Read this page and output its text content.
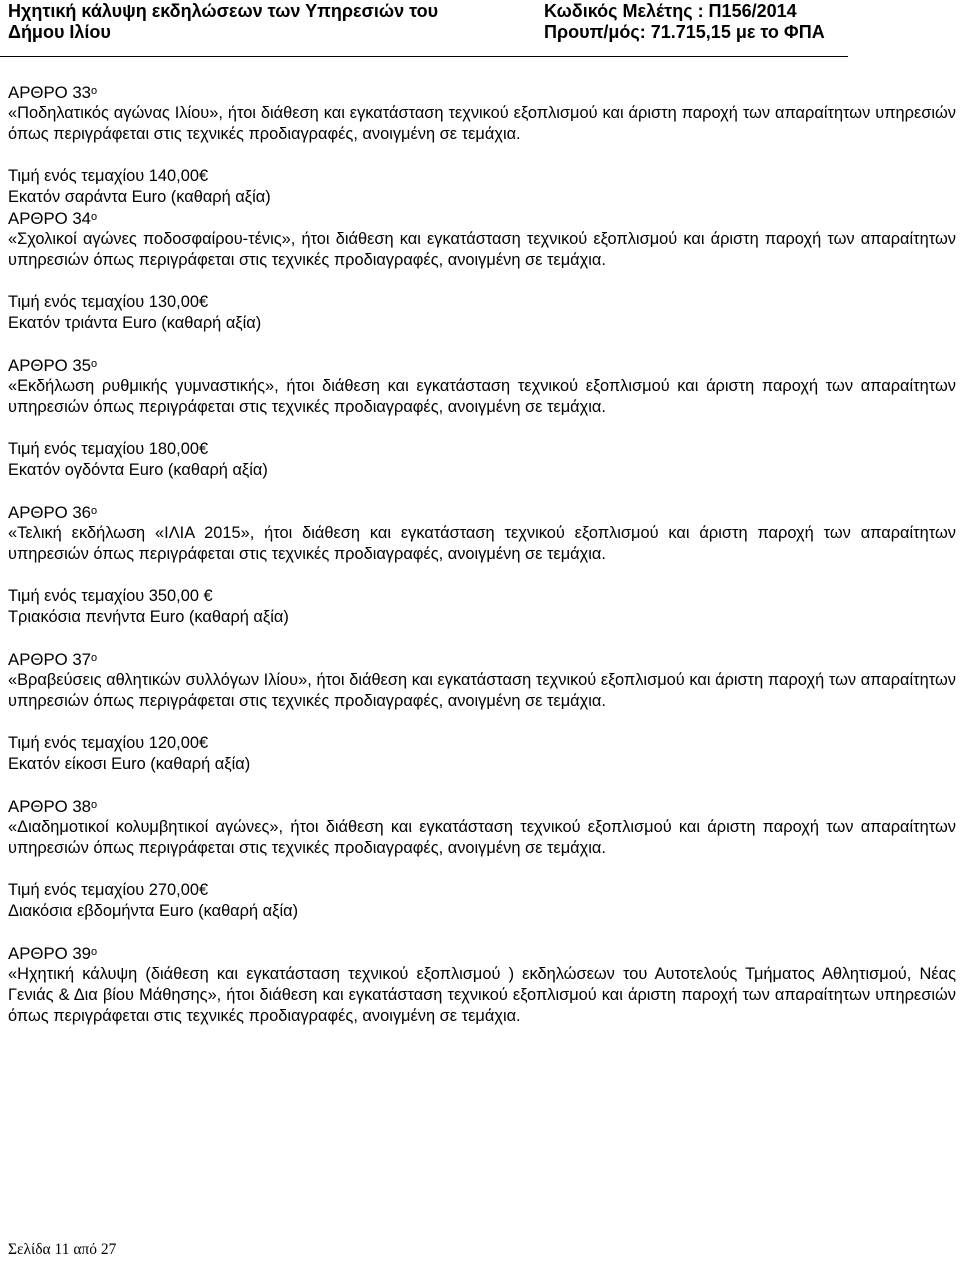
Ηχητική κάλυψη εκδηλώσεων των Υπηρεσιών του
Δήμου Ιλίου
Κωδικός Μελέτης : Π156/2014
Προυπ/μός: 71.715,15 με το ΦΠΑ

ΑΡΘΡΟ $33^o$

«Ποδηλατικός αγώνας Ιλίου», ήτοι διάθεση και εγκατάσταση τεχνικού εξοπλισμού και άριστη παροχή των απαραίτητων υπηρεσιών όπως περιγράφεται στις τεχνικές προδιαγραφές, ανοιγμένη σε τεμάχια.

Τιμή ενός τεμαχίου 140,00€

Εκατόν σαράντα Euro (καθαρή αξία)

ΑΡΘΡΟ $34^o$

«Σχολικοί αγώνες ποδοσφαίρου-τένις», ήτοι διάθεση και εγκατάσταση τεχνικού εξοπλισμού και άριστη παροχή των απαραίτητων υπηρεσιών όπως περιγράφεται στις τεχνικές προδιαγραφές, ανοιγμένη σε τεμάχια.

Τιμή ενός τεμαχίου 130,00€

Εκατόν τριάντα Euro (καθαρή αξία)

ΑΡΘΡΟ $35^o$

«Εκδήλωση ρυθμικής γυμναστικής», ήτοι διάθεση και εγκατάσταση τεχνικού εξοπλισμού και άριστη παροχή των απαραίτητων υπηρεσιών όπως περιγράφεται στις τεχνικές προδιαγραφές, ανοιγμένη σε τεμάχια.

Τιμή ενός τεμαχίου 180,00€

Εκατόν ογδόντα Euro (καθαρή αξία)

ΑΡΘΡΟ $36^o$

«Τελική εκδήλωση «ΙΛΙΑ 2015», ήτοι διάθεση και εγκατάσταση τεχνικού εξοπλισμού και άριστη παροχή των απαραίτητων υπηρεσιών όπως περιγράφεται στις τεχνικές προδιαγραφές, ανοιγμένη σε τεμάχια.

Τιμή ενός τεμαχίου 350,00 €

Τριακόσια πενήντα Euro (καθαρή αξία)

ΑΡΘΡΟ $37^o$

«Βραβεύσεις αθλητικών συλλόγων Ιλίου», ήτοι διάθεση και εγκατάσταση τεχνικού εξοπλισμού και άριστη παροχή των απαραίτητων υπηρεσιών όπως περιγράφεται στις τεχνικές προδιαγραφές, ανοιγμένη σε τεμάχια.

Τιμή ενός τεμαχίου 120,00€

Εκατόν είκοσι Euro (καθαρή αξία)

ΑΡΘΡΟ $38^o$

«Διαδημοτικοί κολυμβητικοί αγώνες», ήτοι διάθεση και εγκατάσταση τεχνικού εξοπλισμού και άριστη παροχή των απαραίτητων υπηρεσιών όπως περιγράφεται στις τεχνικές προδιαγραφές, ανοιγμένη σε τεμάχια.

Τιμή ενός τεμαχίου 270,00€

Διακόσια εβδομήντα Euro (καθαρή αξία)

ΑΡΘΡΟ $39^o$

«Ηχητική κάλυψη (διάθεση και εγκατάσταση τεχνικού εξοπλισμού ) εκδηλώσεων του Αυτοτελούς Τμήματος Αθλητισμού, Νέας Γενιάς & Δια βίου Μάθησης», ήτοι διάθεση και εγκατάσταση τεχνικού εξοπλισμού και άριστη παροχή των απαραίτητων υπηρεσιών όπως περιγράφεται στις τεχνικές προδιαγραφές, ανοιγμένη σε τεμάχια.

Σελίδα 11 από 27
